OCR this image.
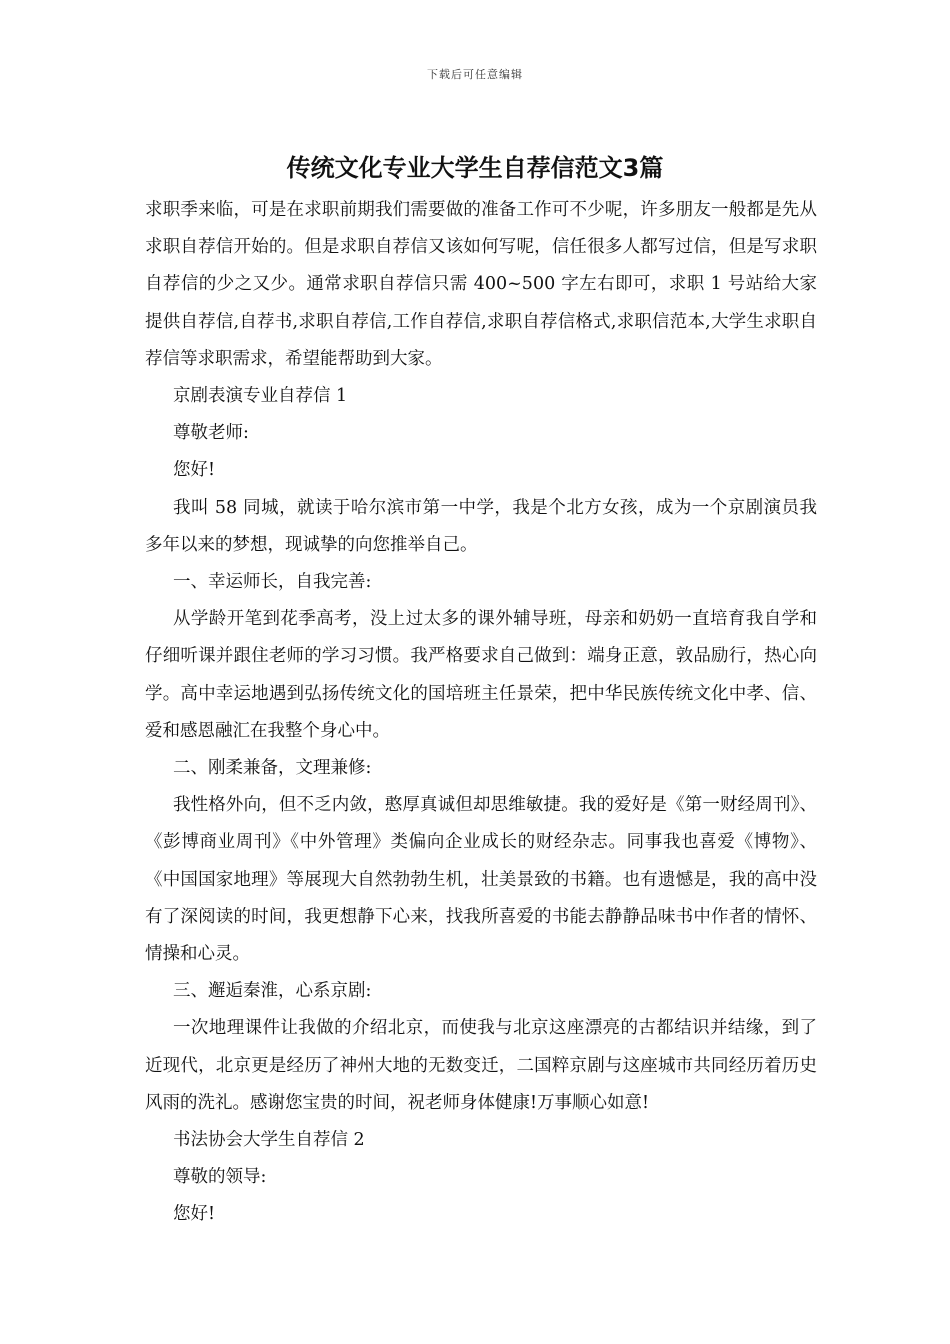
下载后可任意编辑
传统文化专业大学生自荐信范文3篇

求职季来临，可是在求职前期我们需要做的准备工作可不少呢，许多朋友一般都是先从求职自荐信开始的。但是求职自荐信又该如何写呢，信任很多人都写过信，但是写求职自荐信的少之又少。通常求职自荐信只需 400~500 字左右即可，求职 1 号站给大家提供自荐信,自荐书,求职自荐信,工作自荐信,求职自荐信格式,求职信范本,大学生求职自荐信等求职需求，希望能帮助到大家。

京剧表演专业自荐信 1

尊敬老师:

您好!

我叫 58 同城，就读于哈尔滨市第一中学，我是个北方女孩，成为一个京剧演员我多年以来的梦想，现诚挚的向您推举自己。

一、幸运师长，自我完善:

从学龄开笔到花季高考，没上过太多的课外辅导班，母亲和奶奶一直培育我自学和仔细听课并跟住老师的学习习惯。我严格要求自己做到：端身正意，敦品励行，热心向学。高中幸运地遇到弘扬传统文化的国培班主任景荣，把中华民族传统文化中孝、信、爱和感恩融汇在我整个身心中。

二、刚柔兼备，文理兼修:

我性格外向，但不乏内敛，憨厚真诚但却思维敏捷。我的爱好是《第一财经周刊》、《彭博商业周刊》《中外管理》类偏向企业成长的财经杂志。同事我也喜爱《博物》、《中国国家地理》等展现大自然勃勃生机，壮美景致的书籍。也有遗憾是，我的高中没有了深阅读的时间，我更想静下心来，找我所喜爱的书能去静静品味书中作者的情怀、情操和心灵。

三、邂逅秦淮，心系京剧:

一次地理课件让我做的介绍北京，而使我与北京这座漂亮的古都结识并结缘，到了近现代，北京更是经历了神州大地的无数变迁，二国粹京剧与这座城市共同经历着历史风雨的洗礼。感谢您宝贵的时间，祝老师身体健康!万事顺心如意!

书法协会大学生自荐信 2

尊敬的领导:

您好!
